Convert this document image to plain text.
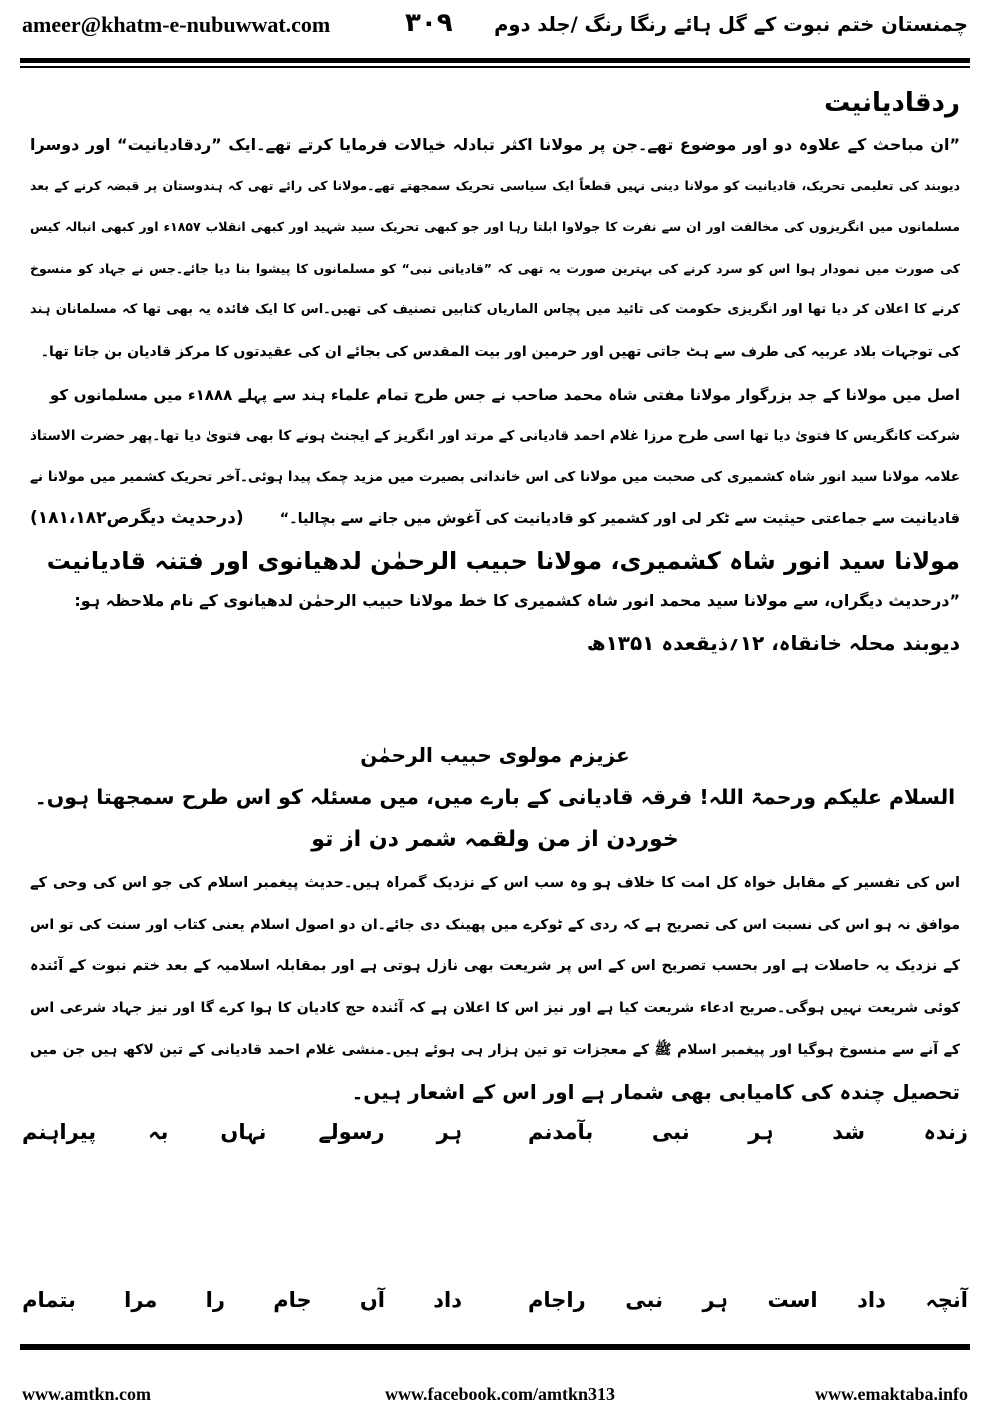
ameer@khatm-e-nubuwwat.com	۳۰۹ چمنستان ختم نبوت کے گل ہائے رنگا رنگ /جلد دوم
ردقادیانیت
”ان مباحث کے علاوہ دو اور موضوع تھے۔جن پر مولانا اکثر تبادلہ خیالات فرمایا کرتے تھے۔ایک ”ردقادیانیت“ اور دوسرا
دیوبند کی تعلیمی تحریک، قادیانیت کو مولانا دینی نہیں قطعاً ایک سیاسی تحریک سمجھتے تھے۔مولانا کی رائے تھی کہ ہندوستان پر قبضہ کرنے کے بعد
مسلمانوں میں انگریزوں کی مخالفت اور ان سے نفرت کا جولاوا ابلتا رہا اور جو کبھی تحریک سید شہید اور کبھی انقلاب ۱۸۵۷ء اور کبھی انبالہ کیس
کی صورت میں نمودار ہوا اس کو سرد کرنے کی بہترین صورت یہ تھی کہ ”قادیانی نبی“ کو مسلمانوں کا پیشوا بنا دیا جائے۔جس نے جہاد کو منسوخ
کرنے کا اعلان کر دیا تھا اور انگریزی حکومت کی تائید میں پچاس الماریاں کتابیں تصنیف کی تھیں۔اس کا ایک فائدہ یہ بھی تھا کہ مسلمانان ہند
کی توجہات بلاد عربیہ کی طرف سے ہٹ جاتی تھیں اور حرمین اور بیت المقدس کی بجائے ان کی عقیدتوں کا مرکز قادیان بن جاتا تھا۔
اصل میں مولانا کے جد بزرگوار مولانا مفتی شاہ محمد صاحب نے جس طرح تمام علماء ہند سے پہلے ۱۸۸۸ء میں مسلمانوں کو
شرکت کانگریس کا فتویٰ دیا تھا اسی طرح مرزا غلام احمد قادیانی کے مرتد اور انگریز کے ایجنٹ ہونے کا بھی فتویٰ دیا تھا۔پھر حضرت الاستاذ
علامہ مولانا سید انور شاہ کشمیری کی صحبت میں مولانا کی اس خاندانی بصیرت میں مزید چمک پیدا ہوئی۔آخر تحریک کشمیر میں مولانا نے
قادیانیت سے جماعتی حیثیت سے ٹکر لی اور کشمیر کو قادیانیت کی آغوش میں جانے سے بچالیا۔“
(درحدیث دیگرص۱۸۱،۱۸۲)
مولانا سید انور شاہ کشمیری، مولانا حبیب الرحمٰن لدھیانوی اور فتنہ قادیانیت
”درحدیث دیگراں، سے مولانا سید محمد انور شاہ کشمیری کا خط مولانا حبیب الرحمٰن لدھیانوی کے نام ملاحظہ ہو:
دیوبند محلہ خانقاہ، ۱۲؍ذیقعدہ ۱۳۵۱ھ
عزیزم مولوی حبیب الرحمٰن
السلام علیکم ورحمۃ اللہ! فرقہ قادیانی کے بارے میں، میں مسئلہ کو اس طرح سمجھتا ہوں۔
خوردن از من ولقمہ شمر دن از تو
اس کی تفسیر کے مقابل خواہ کل امت کا خلاف ہو وہ سب اس کے نزدیک گمراہ ہیں۔حدیث پیغمبر اسلام کی جو اس کی وحی کے
موافق نہ ہو اس کی نسبت اس کی تصریح ہے کہ ردی کے ٹوکرے میں پھینک دی جائے۔ان دو اصول اسلام یعنی کتاب اور سنت کی تو اس
کے نزدیک یہ حاصلات ہے اور بحسب تصریح اس کے اس پر شریعت بھی نازل ہوتی ہے اور بمقابلہ اسلامیہ کے بعد ختم نبوت کے آئندہ
کوئی شریعت نہیں ہوگی۔صریح ادعاء شریعت کیا ہے اور نیز اس کا اعلان ہے کہ آئندہ حج کادیان کا ہوا کرے گا اور نیز جہاد شرعی اس
کے آنے سے منسوخ ہوگیا اور پیغمبر اسلام ﷺ کے معجزات تو تین ہزار ہی ہوئے ہیں۔منشی غلام احمد قادیانی کے تین لاکھ ہیں جن میں
تحصیل چندہ کی کامیابی بھی شمار ہے اور اس کے اشعار ہیں۔
زندہ
شد
ہر
نبی
بآمدنم
ہر
رسولے
نہاں
بہ
پیراہنم
آنچہ
داد
است
ہر
نبی
راجام
داد
آں
جام
را
مرا
بتمام
www.amtkn.com	www.facebook.com/amtkn313	www.emaktaba.info
